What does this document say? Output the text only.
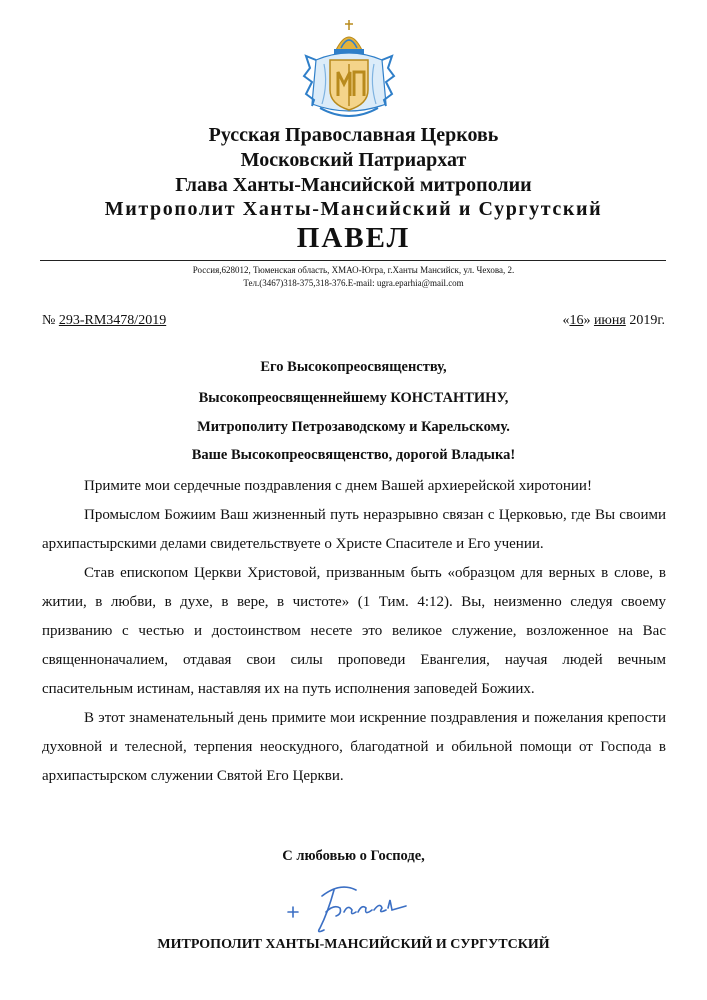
Русская Православная Церковь
Московский Патриархат
Глава Ханты-Мансийской митрополии
Митрополит Ханты-Мансийский и Сургутский
ПАВЕЛ
Россия,628012, Тюменская область, ХМАО-Югра, г.Ханты Мансийск, ул. Чехова, 2.
Тел.(3467)318-375,318-376.E-mail: ugra.eparhia@mail.com
№ 293-RM3478/2019	«16» июня 2019г.
Его Высокопреосвященству,
Высокопреосвященнейшему КОНСТАНТИНУ,
Митрополиту Петрозаводскому и Карельскому.
Ваше Высокопреосвященство, дорогой Владыка!

Примите мои сердечные поздравления с днем Вашей архиерейской хиротонии!

Промыслом Божиим Ваш жизненный путь неразрывно связан с Церковью, где Вы своими архипастырскими делами свидетельствуете о Христе Спасителе и Его учении.

Став епископом Церкви Христовой, призванным быть «образцом для верных в слове, в житии, в любви, в духе, в вере, в чистоте» (1 Тим. 4:12). Вы, неизменно следуя своему призванию с честью и достоинством несете это великое служение, возложенное на Вас священноначалием, отдавая свои силы проповеди Евангелия, научая людей вечным спасительным истинам, наставляя их на путь исполнения заповедей Божиих.

В этот знаменательный день примите мои искренние поздравления и пожелания крепости духовной и телесной, терпения неоскудного, благодатной и обильной помощи от Господа в архипастырском служении Святой Его Церкви.

С любовью о Господе,
МИТРОПОЛИТ ХАНТЫ-МАНСИЙСКИЙ И СУРГУТСКИЙ
